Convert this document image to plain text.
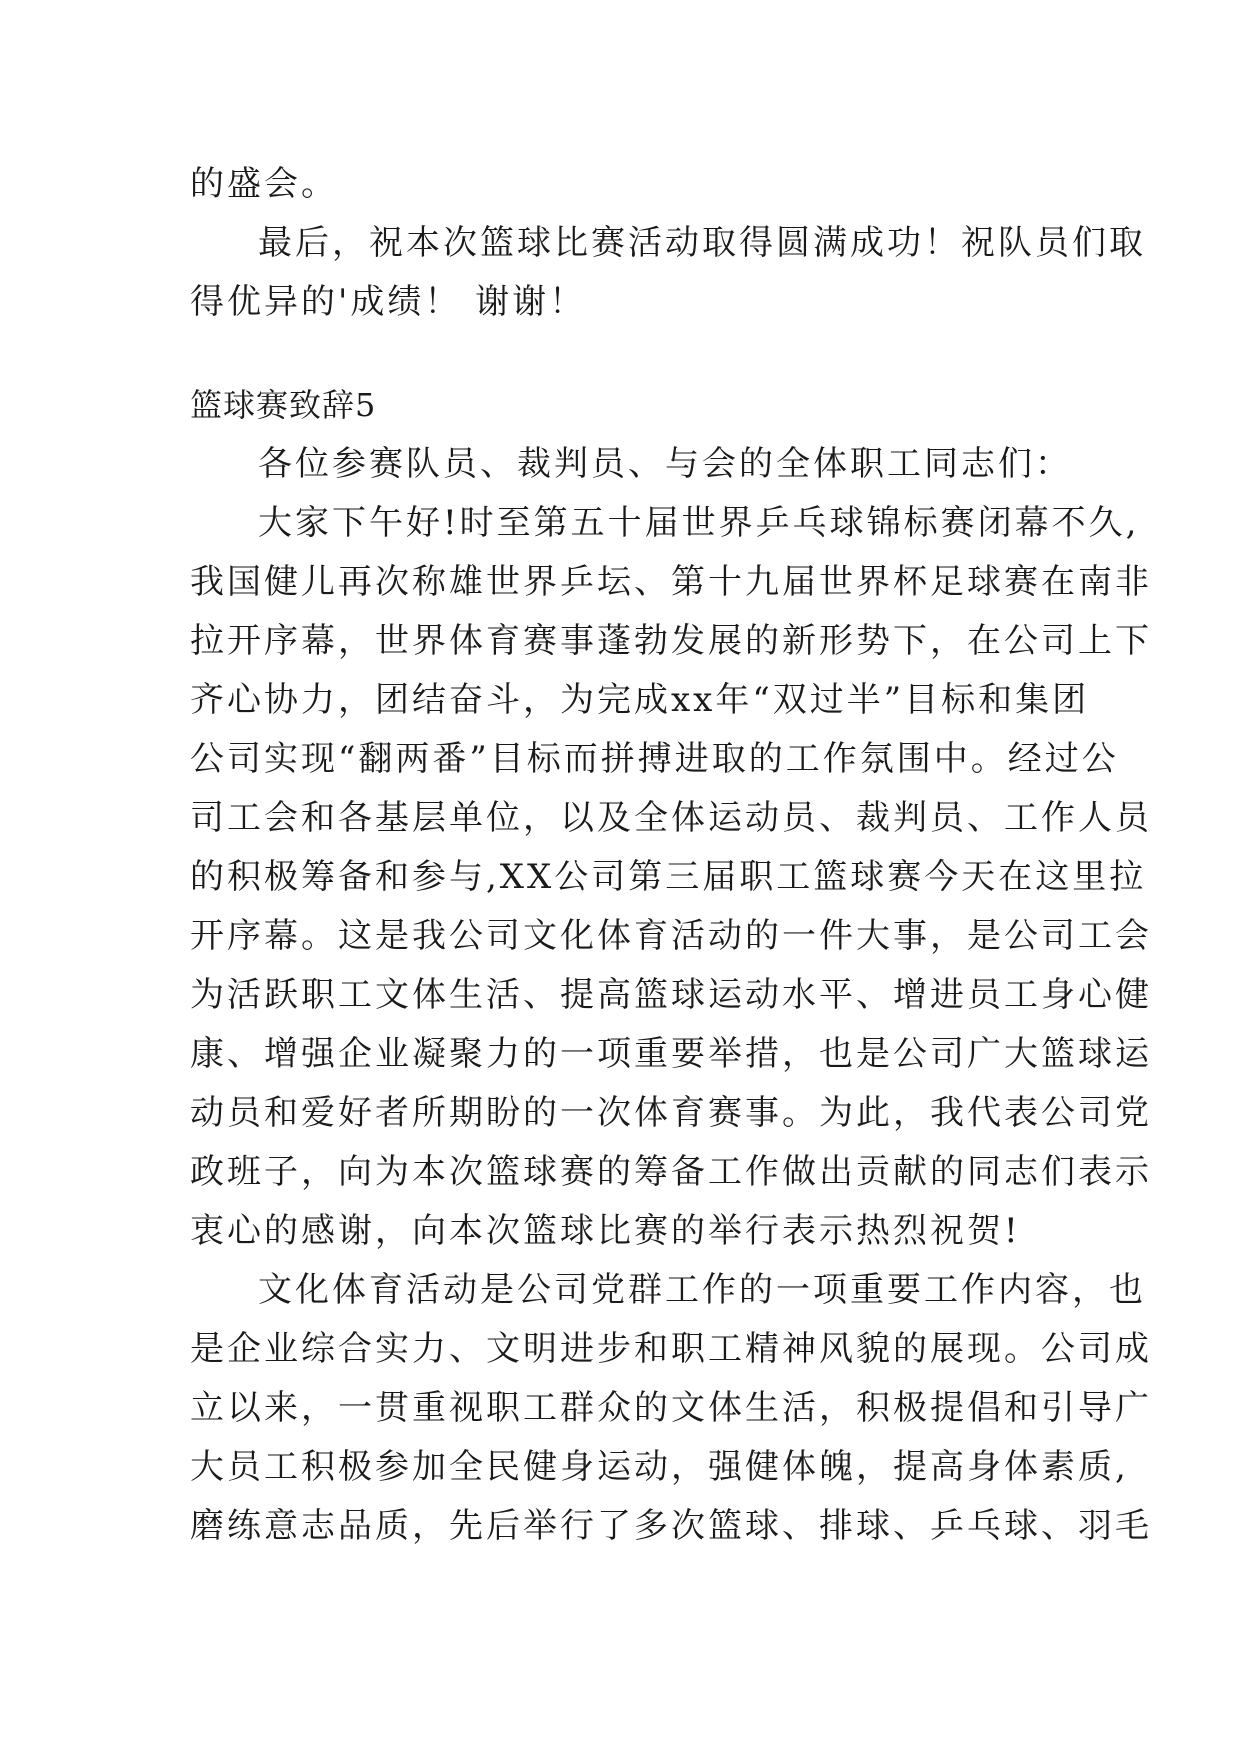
的盛会。
最后，祝本次篮球比赛活动取得圆满成功！祝队员们取
得优异的'成绩！ 谢谢！
篮球赛致辞5
各位参赛队员、裁判员、与会的全体职工同志们：
大家下午好!时至第五十届世界乒乓球锦标赛闭幕不久,
我国健儿再次称雄世界乒坛、第十九届世界杯足球赛在南非
拉开序幕，世界体育赛事蓬勃发展的新形势下，在公司上下
齐心协力，团结奋斗，为完成xx年“双过半”目标和集团
公司实现“翻两番”目标而拼搏进取的工作氛围中。经过公
司工会和各基层单位，以及全体运动员、裁判员、工作人员
的积极筹备和参与,XX公司第三届职工篮球赛今天在这里拉
开序幕。这是我公司文化体育活动的一件大事，是公司工会
为活跃职工文体生活、提高篮球运动水平、增进员工身心健
康、增强企业凝聚力的一项重要举措，也是公司广大篮球运
动员和爱好者所期盼的一次体育赛事。为此，我代表公司党
政班子，向为本次篮球赛的筹备工作做出贡献的同志们表示
衷心的感谢，向本次篮球比赛的举行表示热烈祝贺!
文化体育活动是公司党群工作的一项重要工作内容，也
是企业综合实力、文明进步和职工精神风貌的展现。公司成
立以来，一贯重视职工群众的文体生活，积极提倡和引导广
大员工积极参加全民健身运动，强健体魄，提高身体素质,
磨练意志品质，先后举行了多次篮球、排球、乒乓球、羽毛
